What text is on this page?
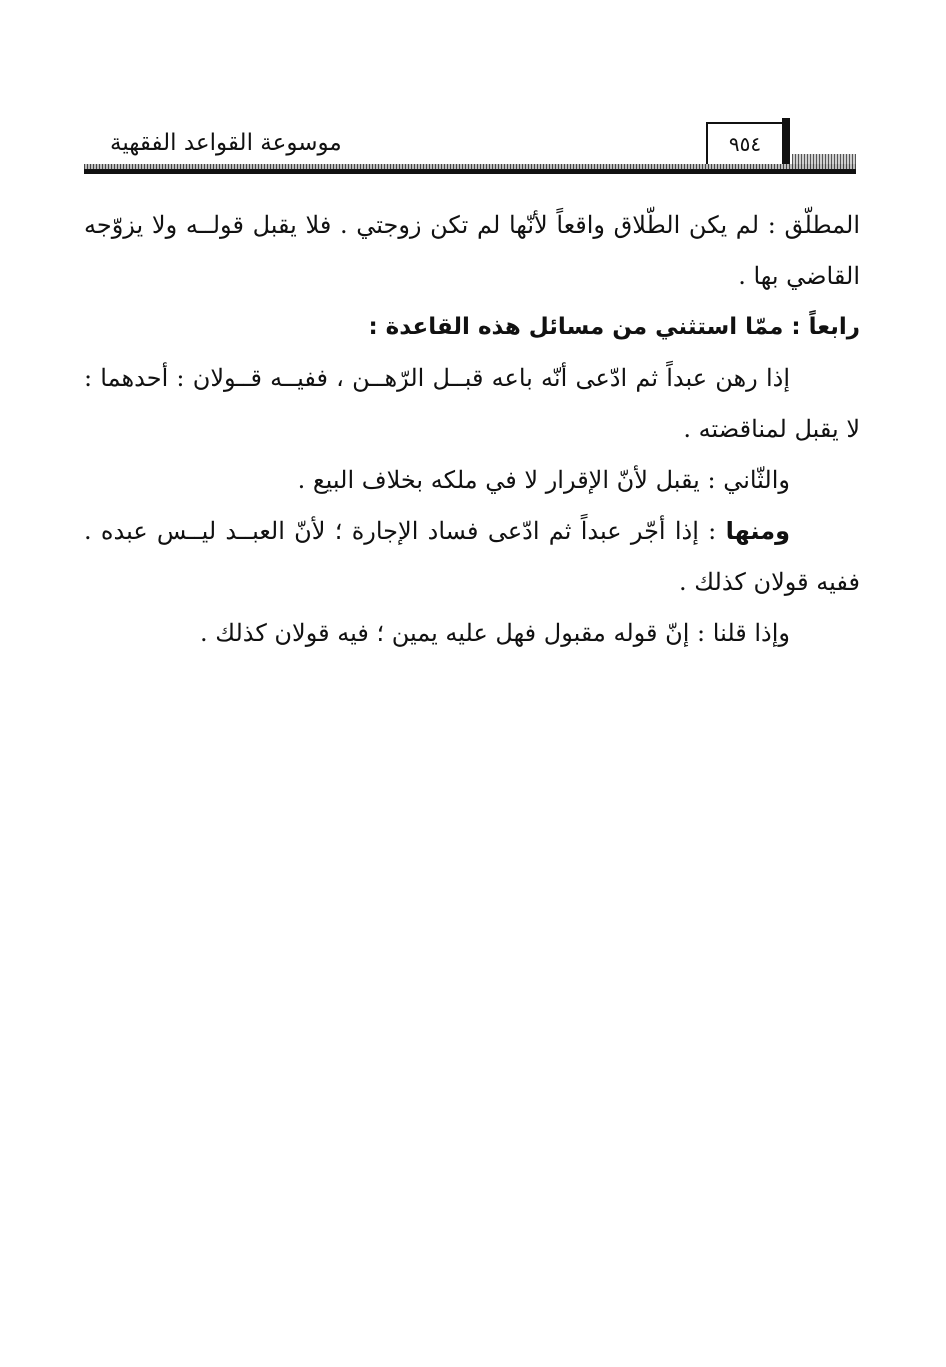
موسوعة القواعد الفقهية	٩٥٤

المطلّق : لم يكن الطّلاق واقعاً لأنّها لم تكن زوجتي . فلا يقبل قولــه ولا يزوّجه القاضي بها .

رابعاً : ممّا استثني من مسائل هذه القاعدة :

إذا رهن عبداً ثم ادّعى أنّه باعه قبــل الرّهــن ، ففيــه قــولان : أحدهما : لا يقبل لمناقضته .

والثّاني : يقبل لأنّ الإقرار لا في ملكه بخلاف البيع .

ومنها : إذا أجّر عبداً ثم ادّعى فساد الإجارة ؛ لأنّ العبــد ليــس عبده . ففيه قولان كذلك .

وإذا قلنا : إنّ قوله مقبول فهل عليه يمين ؛ فيه قولان كذلك .
